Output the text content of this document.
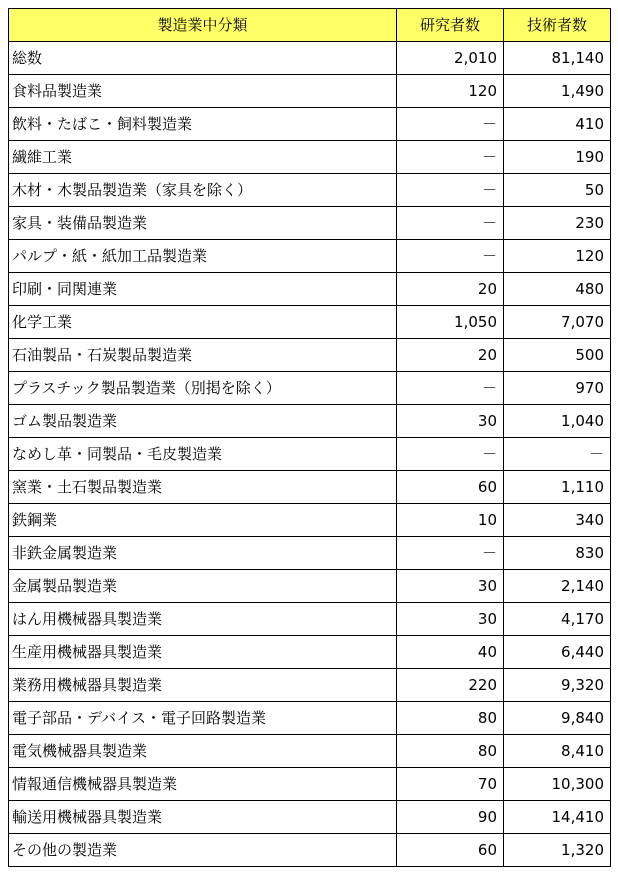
製造業中分類	研究者数	技術者数
総数	2,010	81,140
食料品製造業	120	1,490
飲料・たばこ・飼料製造業	－	410
繊維工業	－	190
木材・木製品製造業（家具を除く）	－	50
家具・装備品製造業	－	230
パルプ・紙・紙加工品製造業	－	120
印刷・同関連業	20	480
化学工業	1,050	7,070
石油製品・石炭製品製造業	20	500
プラスチック製品製造業（別掲を除く）	－	970
ゴム製品製造業	30	1,040
なめし革・同製品・毛皮製造業	－	－
窯業・土石製品製造業	60	1,110
鉄鋼業	10	340
非鉄金属製造業	－	830
金属製品製造業	30	2,140
はん用機械器具製造業	30	4,170
生産用機械器具製造業	40	6,440
業務用機械器具製造業	220	9,320
電子部品・デバイス・電子回路製造業	80	9,840
電気機械器具製造業	80	8,410
情報通信機械器具製造業	70	10,300
輸送用機械器具製造業	90	14,410
その他の製造業	60	1,320
